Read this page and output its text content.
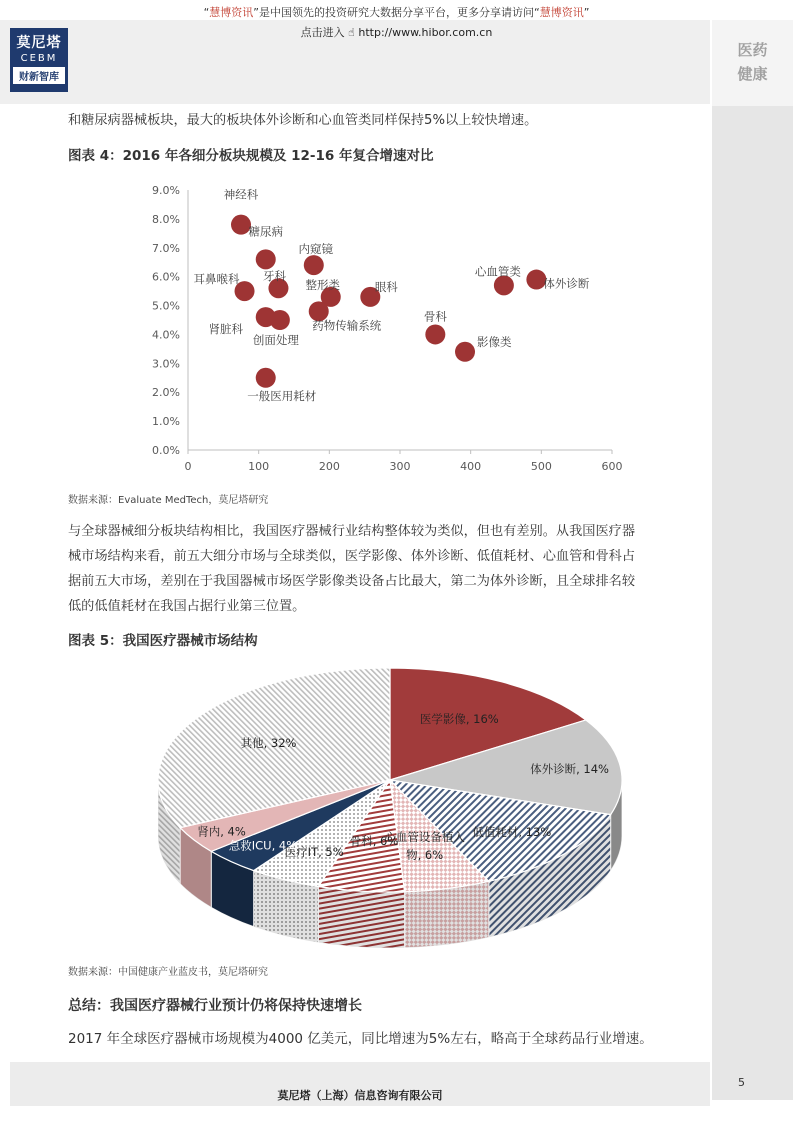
“慧博资讯”是中国领先的投资研究大数据分享平台，更多分享请访问“慧博资讯”
点击进入 ☝ http://www.hibor.com.cn
莫尼塔
CEBM
财新智库
医药
健康
和糖尿病器械板块，最大的板块体外诊断和心血管类同样保持5%以上较快增速。
图表 4：2016 年各细分板块规模及 12-16 年复合增速对比
0.0%
1.0%
2.0%
3.0%
4.0%
5.0%
6.0%
7.0%
8.0%
9.0%
0	100	200	300	400	500	600
神经科
糖尿病
内窥镜
耳鼻喉科 牙科
整形类	眼科
心血管类
体外诊断
肾脏科
创面处理
药物传输系统
骨科
影像类
一般医用耗材
数据来源：Evaluate MedTech，莫尼塔研究
与全球器械细分板块结构相比，我国医疗器械行业结构整体较为类似，但也有差别。从我国医疗器
械市场结构来看，前五大细分市场与全球类似，医学影像、体外诊断、低值耗材、心血管和骨科占
据前五大市场，差别在于我国器械市场医学影像类设备占比最大，第二为体外诊断，且全球排名较
低的低值耗材在我国占据行业第三位置。
图表 5：我国医疗器械市场结构
医学影像, 16%
体外诊断, 14%
低值耗材, 13%
心血管设备植入
物, 6%
骨科, 6%
医疗IT, 5%
急救ICU, 4%
肾内, 4%
其他, 32%
数据来源：中国健康产业蓝皮书，莫尼塔研究
总结：我国医疗器械行业预计仍将保持快速增长
2017 年全球医疗器械市场规模为4000 亿美元，同比增速为5%左右，略高于全球药品行业增速。
莫尼塔（上海）信息咨询有限公司
5
